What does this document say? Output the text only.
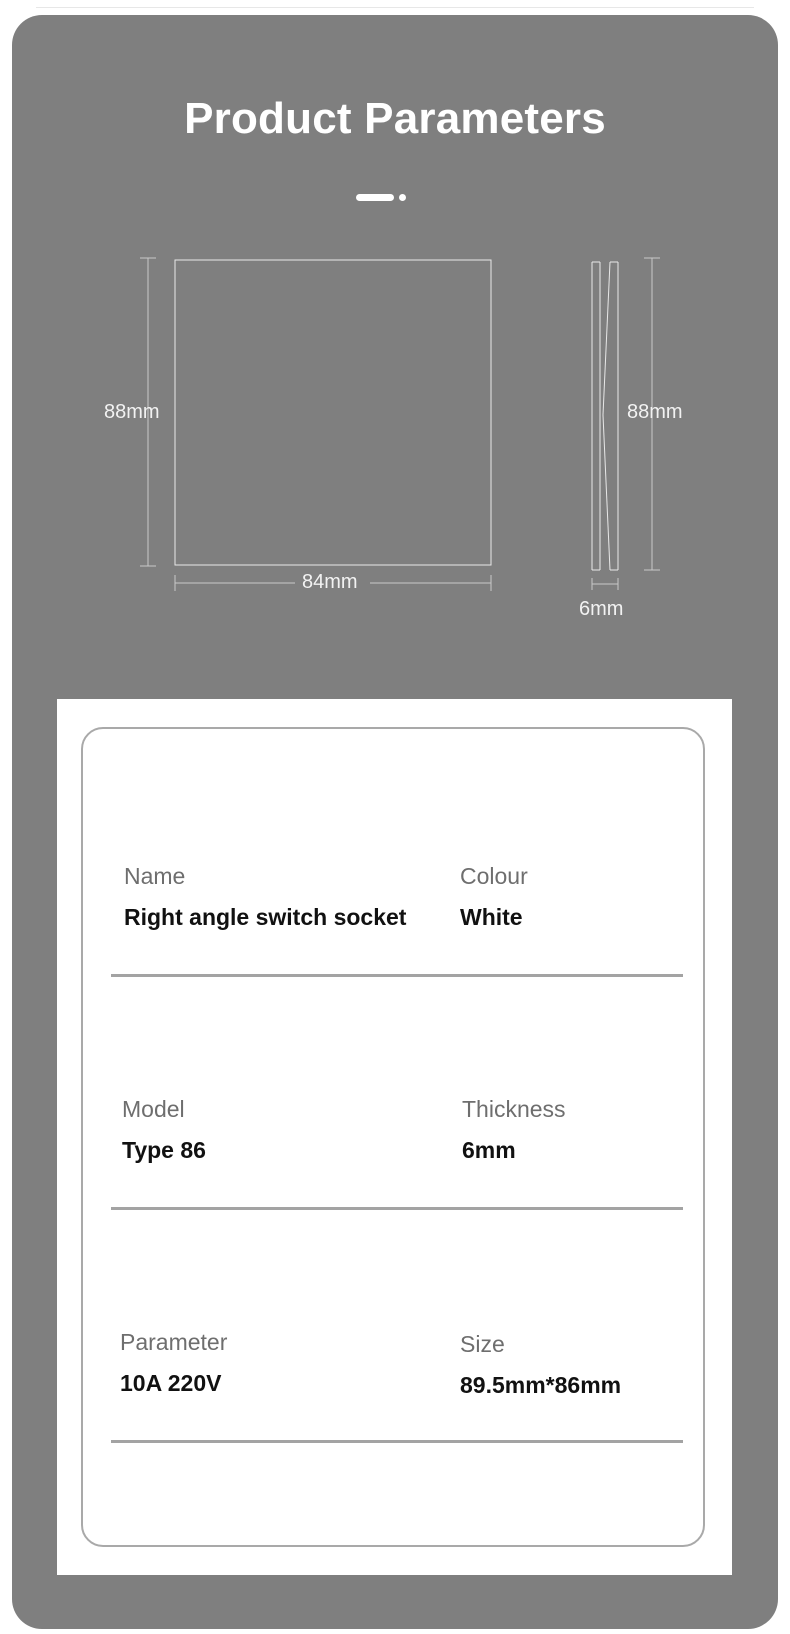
Product Parameters
88mm
84mm
88mm
6mm
Name
Right angle switch socket
Colour
White
Model
Type 86
Thickness
6mm
Parameter
10A 220V
Size
89.5mm*86mm
